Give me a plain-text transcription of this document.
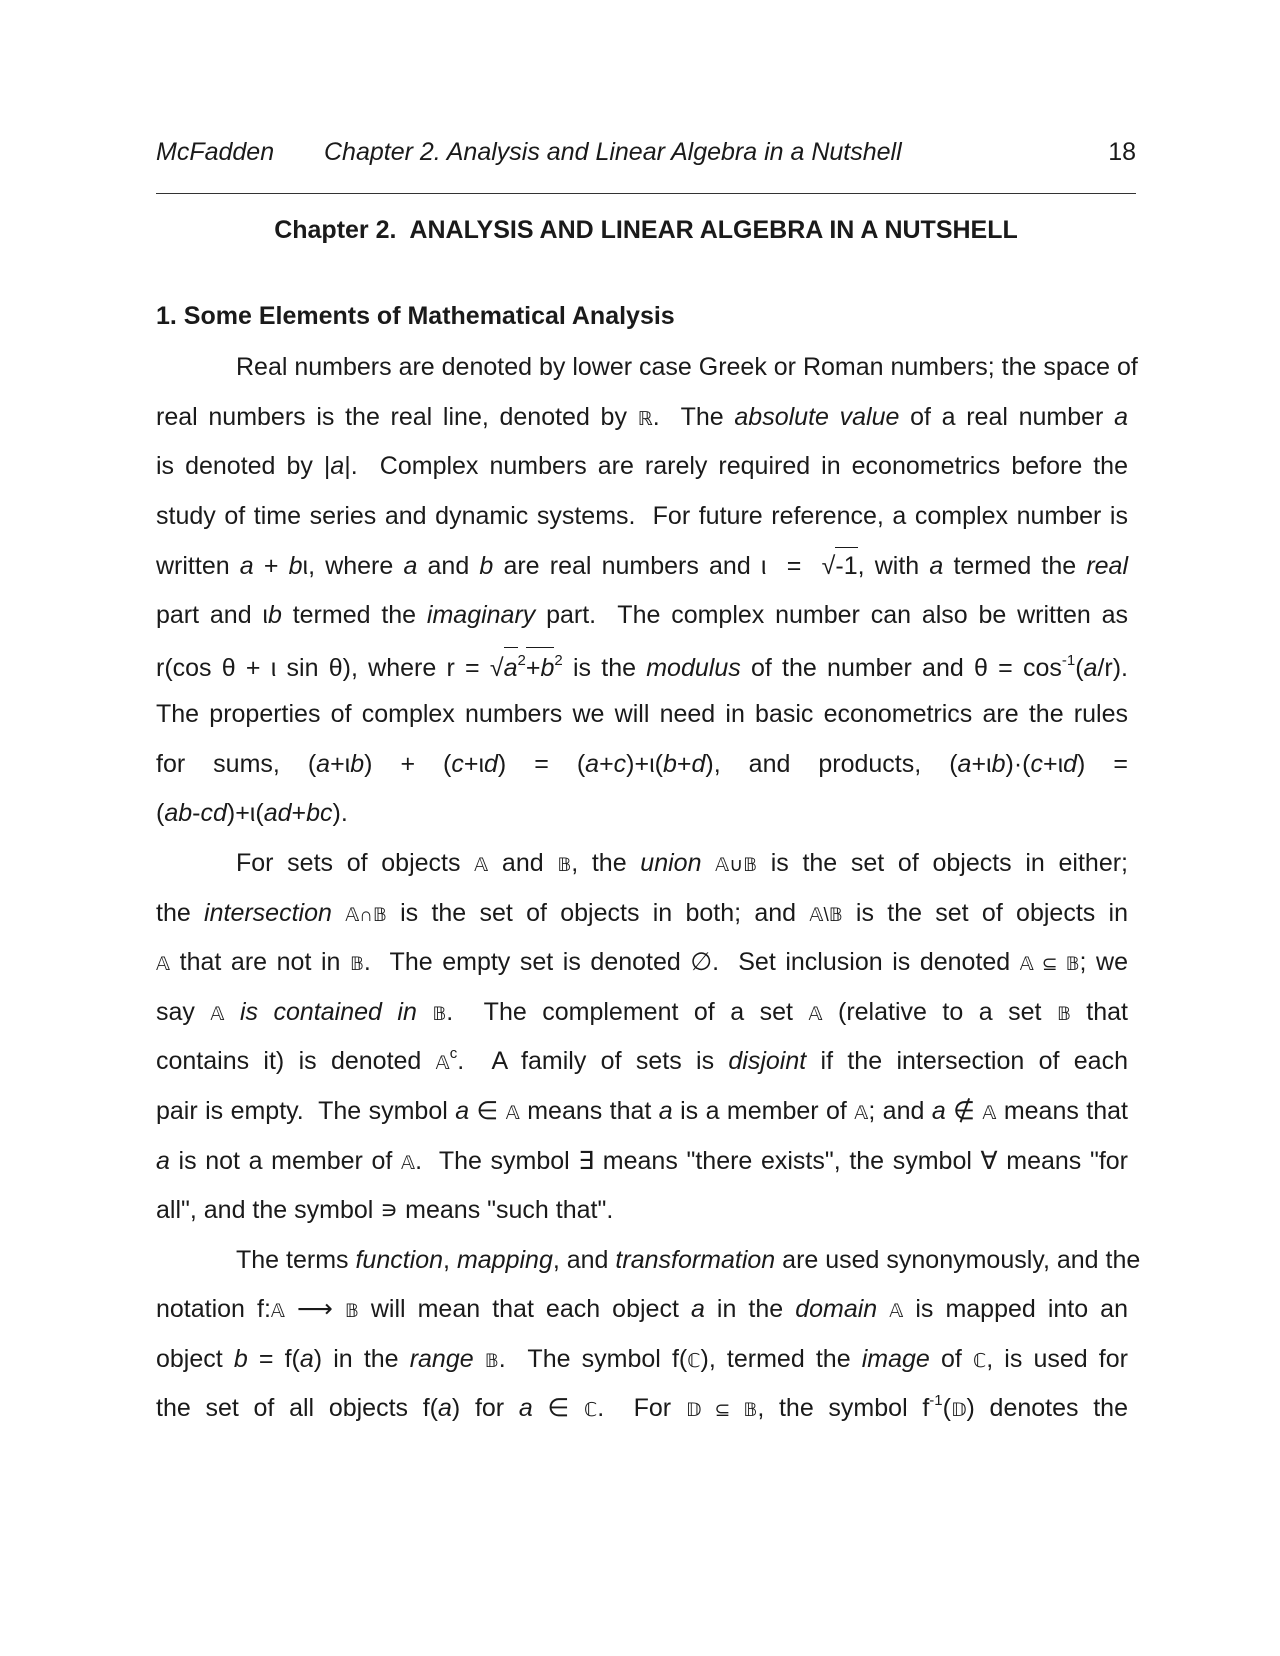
McFadden Chapter 2. Analysis and Linear Algebra in a Nutshell	18
Chapter 2.  ANALYSIS AND LINEAR ALGEBRA IN A NUTSHELL
1. Some Elements of Mathematical Analysis
Real numbers are denoted by lower case Greek or Roman numbers; the space of
real numbers is the real line, denoted by ℝ .  The absolute value of a real number a
is denoted by | a | .  Complex numbers are rarely required in econometrics before the
study of time series and dynamic systems.  For future reference, a complex number is
written a + b ι, where a and b are real numbers and ι  =  √ -1 , with a termed the real
part and ι b termed the imaginary part.  The complex number can also be written as
r(cos θ + ι sin θ), where r = √ a 2 + b 2 is the modulus of the number and θ = cos -1 ( a /r).
The properties of complex numbers we will need in basic econometrics are the rules
for  sums,  ( a +ι b )  +  ( c +ι d )  =  ( a + c )+ι( b + d ),  and  products,  ( a +ι b )·( c +ι d )  =
( ab - cd )+ι( ad + bc ).
For sets of objects 𝔸 and 𝔹 , the union
𝔸∪𝔹 is the set of objects in either;
the intersection
𝔸∩𝔹 is the set of objects in both; and 𝔸\𝔹 is the set of objects in
𝔸 that are not in 𝔹 .  The empty set is denoted ∅.  Set inclusion is denoted 𝔸 ⊆ 𝔹 ; we
say 𝔸
is contained in
𝔹 .  The complement of a set 𝔸 (relative to a set 𝔹 that
contains it) is denoted 𝔸 c .  A family of sets is disjoint if the intersection of each
pair is empty.  The symbol a ∈ 𝔸 means that a is a member of 𝔸 ; and a ∉ 𝔸 means that
a is not a member of 𝔸 .  The symbol ∃ means "there exists", the symbol ∀ means "for
all", and the symbol ∍ means "such that".
The terms function , mapping , and transformation are used synonymously, and the
notation f: 𝔸 ⟶ 𝔹 will mean that each object a in the domain
𝔸 is mapped into an
object b = f( a ) in the range
𝔹 .  The symbol f( ℂ ), termed the image of ℂ , is used for
the set of all objects f( a ) for a ∈ ℂ .  For 𝔻 ⊆ 𝔹 , the symbol f -1 ( 𝔻 ) denotes the
